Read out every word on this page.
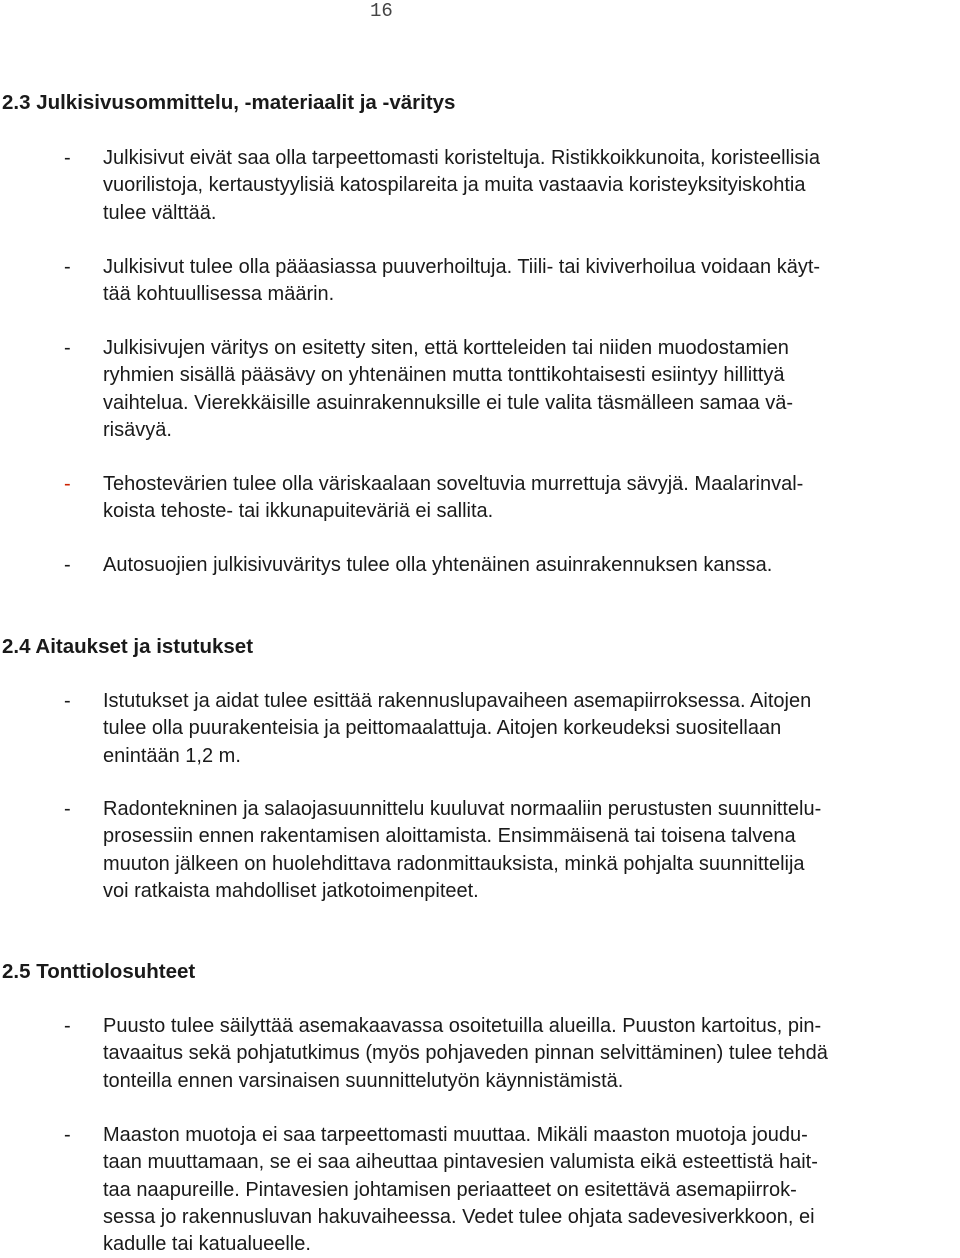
16
2.3 Julkisivusommittelu, -materiaalit ja -väritys
- Julkisivut eivät saa olla tarpeettomasti koristeltuja. Ristikkoikkunoita, koristeellisia
vuorilistoja, kertaustyylisiä katospilareita ja muita vastaavia koristeyksityiskohtia
tulee välttää.
- Julkisivut tulee olla pääasiassa puuverhoiltuja. Tiili- tai kiviverhoilua voidaan käyt-
tää kohtuullisessa määrin.
- Julkisivujen väritys on esitetty siten, että kortteleiden tai niiden muodostamien
ryhmien sisällä pääsävy on yhtenäinen mutta tonttikohtaisesti esiintyy hillittyä
vaihtelua. Vierekkäisille asuinrakennuksille ei tule valita täsmälleen samaa vä-
risävyä.
- Tehostevärien tulee olla väriskaalaan soveltuvia murrettuja sävyjä. Maalarinval-
koista tehoste- tai ikkunapuiteväriä ei sallita.
- Autosuojien julkisivuväritys tulee olla yhtenäinen asuinrakennuksen kanssa.
2.4 Aitaukset ja istutukset
- Istutukset ja aidat tulee esittää rakennuslupavaiheen asemapiirroksessa. Aitojen
tulee olla puurakenteisia ja peittomaalattuja. Aitojen korkeudeksi suositellaan
enintään 1,2 m.
- Radontekninen ja salaojasuunnittelu kuuluvat normaaliin perustusten suunnittelu-
prosessiin ennen rakentamisen aloittamista. Ensimmäisenä tai toisena talvena
muuton jälkeen on huolehdittava radonmittauksista, minkä pohjalta suunnittelija
voi ratkaista mahdolliset jatkotoimenpiteet.
2.5 Tonttiolosuhteet
- Puusto tulee säilyttää asemakaavassa osoitetuilla alueilla. Puuston kartoitus, pin-
tavaaitus sekä pohjatutkimus (myös pohjaveden pinnan selvittäminen) tulee tehdä
tonteilla ennen varsinaisen suunnittelutyön käynnistämistä.
- Maaston muotoja ei saa tarpeettomasti muuttaa. Mikäli maaston muotoja joudu-
taan muuttamaan, se ei saa aiheuttaa pintavesien valumista eikä esteettistä hait-
taa naapureille. Pintavesien johtamisen periaatteet on esitettävä asemapiirrok-
sessa jo rakennusluvan hakuvaiheessa. Vedet tulee ohjata sadevesiverkkoon, ei
kadulle tai katualueelle.
